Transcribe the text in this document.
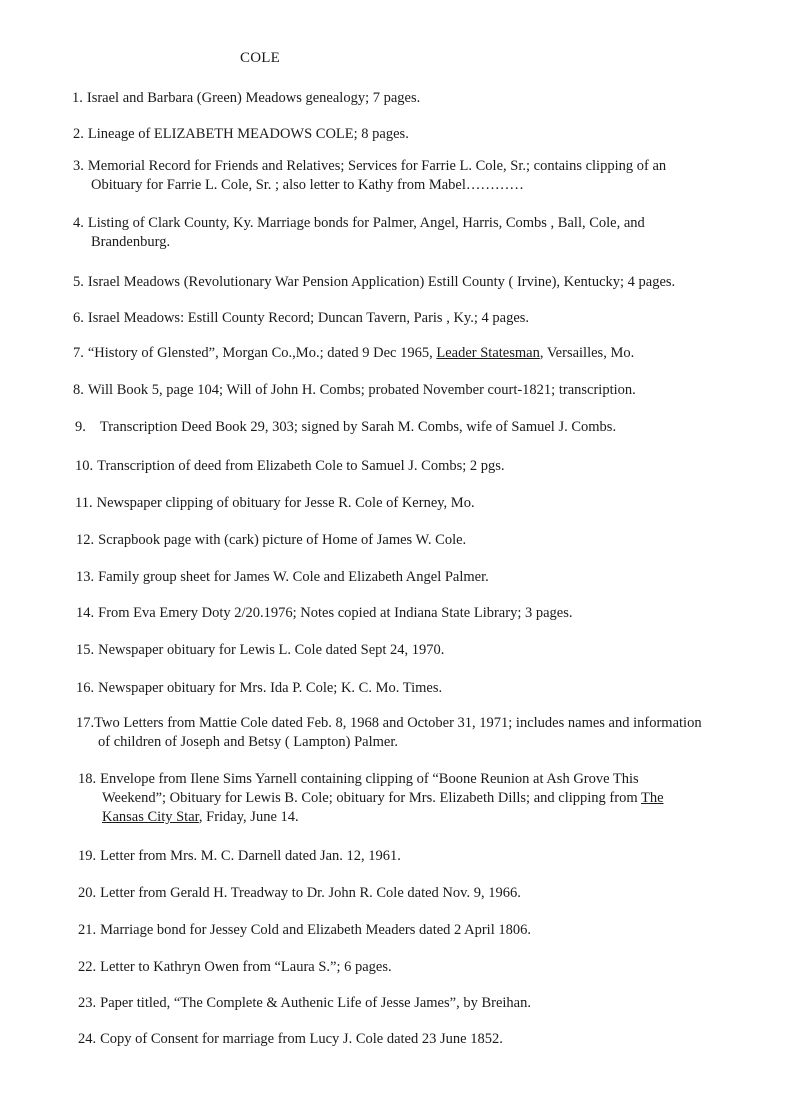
COLE
1. Israel and Barbara (Green) Meadows genealogy; 7 pages.
2. Lineage of ELIZABETH MEADOWS COLE; 8 pages.
3. Memorial Record for Friends and Relatives; Services for Farrie L. Cole, Sr.; contains clipping of an
Obituary for Farrie L. Cole, Sr. ; also letter to Kathy from Mabel…………
4. Listing of Clark County, Ky. Marriage bonds for Palmer, Angel, Harris, Combs , Ball, Cole, and
Brandenburg.
5. Israel Meadows (Revolutionary War Pension Application) Estill County ( Irvine), Kentucky; 4 pages.
6. Israel Meadows: Estill County Record; Duncan Tavern, Paris , Ky.; 4 pages.
7. “History of Glensted”, Morgan Co.,Mo.; dated 9 Dec 1965, Leader Statesman, Versailles, Mo.
8. Will Book 5, page 104; Will of John H. Combs; probated November court-1821; transcription.
9. Transcription Deed Book 29, 303; signed by Sarah M. Combs, wife of Samuel J. Combs.
10. Transcription of deed from Elizabeth Cole to Samuel J. Combs; 2 pgs.
11. Newspaper clipping of obituary for Jesse R. Cole of Kerney, Mo.
12. Scrapbook page with (cark) picture of Home of James W. Cole.
13. Family group sheet for James W. Cole and Elizabeth Angel Palmer.
14. From Eva Emery Doty 2/20.1976; Notes copied at Indiana State Library; 3 pages.
15. Newspaper obituary for Lewis L. Cole dated Sept 24, 1970.
16. Newspaper obituary for Mrs. Ida P. Cole; K. C. Mo. Times.
17.Two Letters from Mattie Cole dated Feb. 8, 1968 and October 31, 1971; includes names and information
of children of Joseph and Betsy ( Lampton) Palmer.
18. Envelope from Ilene Sims Yarnell containing clipping of “Boone Reunion at Ash Grove This
Weekend”; Obituary for Lewis B. Cole; obituary for Mrs. Elizabeth Dills; and clipping from The
Kansas City Star, Friday, June 14.
19. Letter from Mrs. M. C. Darnell dated Jan. 12, 1961.
20. Letter from Gerald H. Treadway to Dr. John R. Cole dated Nov. 9, 1966.
21. Marriage bond for Jessey Cold and Elizabeth Meaders dated 2 April 1806.
22. Letter to Kathryn Owen from “Laura S.”; 6 pages.
23. Paper titled, “The Complete & Authenic Life of Jesse James”, by Breihan.
24. Copy of Consent for marriage from Lucy J. Cole dated 23 June 1852.
